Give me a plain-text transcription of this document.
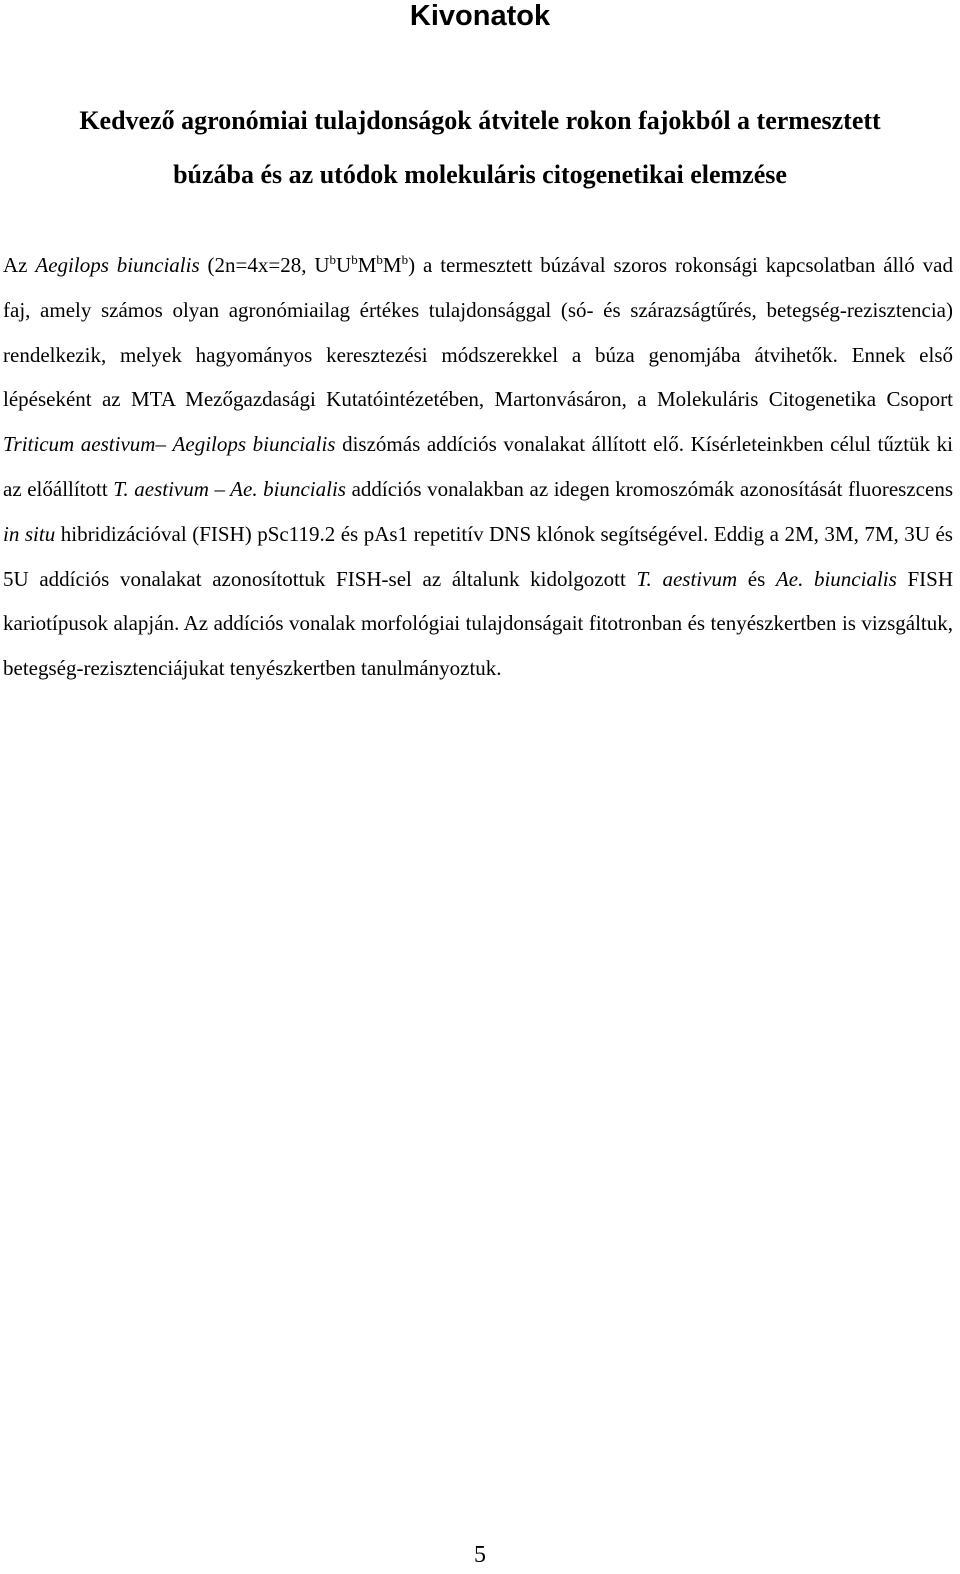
Kivonatok
Kedvező agronómiai tulajdonságok átvitele rokon fajokból a termesztett
búzába és az utódok molekuláris citogenetikai elemzése

Az Aegilops biuncialis (2n=4x=28, $U^bU^bM^bM^b$) a termesztett búzával szoros rokonsági kapcsolatban álló vad faj, amely számos olyan agronómiailag értékes tulajdonsággal (só- és szárazságtűrés, betegség-rezisztencia) rendelkezik, melyek hagyományos keresztezési módszerekkel a búza genomjába átvihetők. Ennek első lépéseként az MTA Mezőgazdasági Kutatóintézetében, Martonvásáron, a Molekuláris Citogenetika Csoport Triticum aestivum– Aegilops biuncialis diszómás addíciós vonalakat állított elő. Kísérleteinkben célul tűztük ki az előállított T. aestivum – Ae. biuncialis addíciós vonalakban az idegen kromoszómák azonosítását fluoreszcens in situ hibridizációval (FISH) pSc119.2 és pAs1 repetitív DNS klónok segítségével. Eddig a 2M, 3M, 7M, 3U és 5U addíciós vonalakat azonosítottuk FISH-sel az általunk kidolgozott T. aestivum és Ae. biuncialis FISH kariotípusok alapján. Az addíciós vonalak morfológiai tulajdonságait fitotronban és tenyészkertben is vizsgáltuk, betegség-rezisztenciájukat tenyészkertben tanulmányoztuk.

5
